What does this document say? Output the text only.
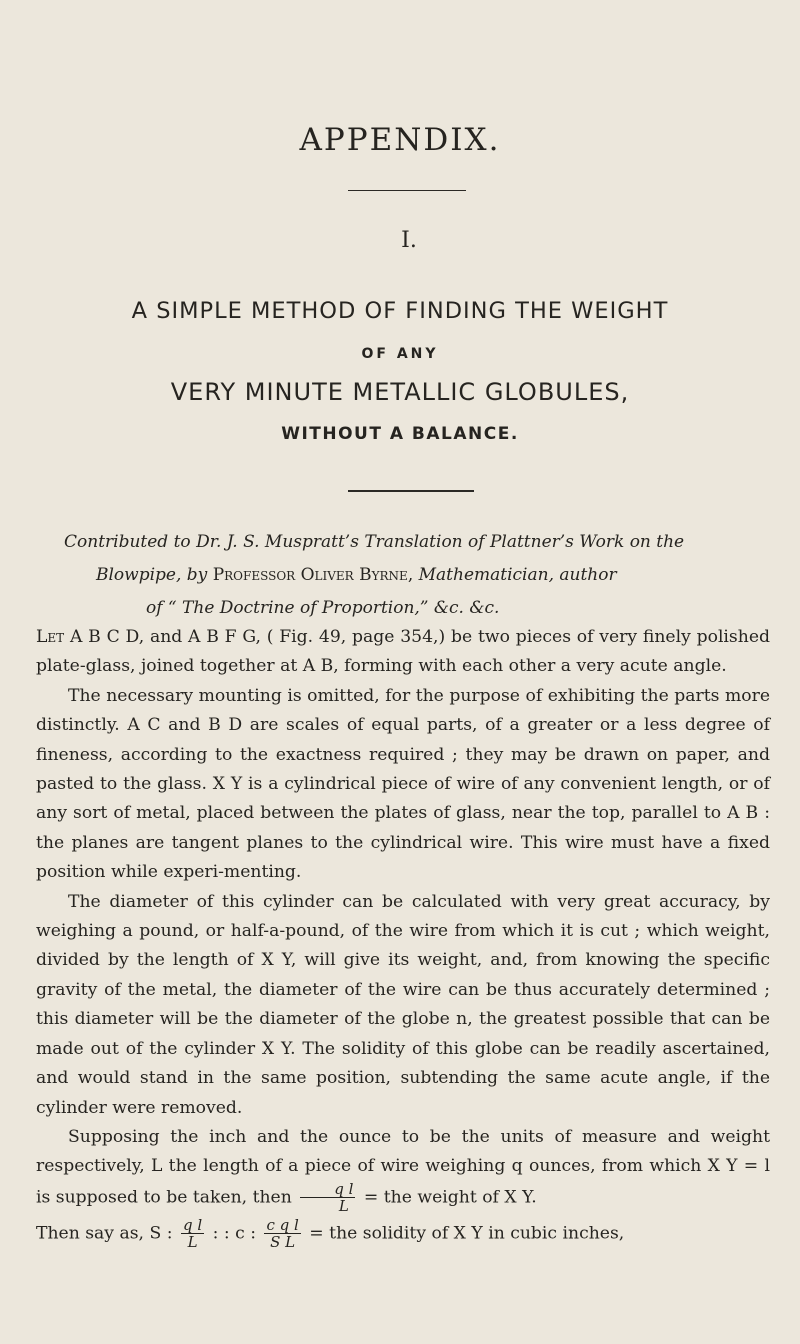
APPENDIX.
I.
A SIMPLE METHOD OF FINDING THE WEIGHT
OF ANY
VERY MINUTE METALLIC GLOBULES,
WITHOUT A BALANCE.
Contributed to Dr. J. S. Muspratt’s Translation of Plattner’s Work on the
Blowpipe, by Professor Oliver Byrne, Mathematician, author
of “ The Doctrine of Proportion,” &c. &c.

Let A B C D, and A B F G, ( Fig. 49, page 354,) be two pieces of very finely polished plate-glass, joined together at A B, forming with each other a very acute angle.

The necessary mounting is omitted, for the purpose of exhibiting the parts more distinctly. A C and B D are scales of equal parts, of a greater or a less degree of fineness, according to the exactness required ; they may be drawn on paper, and pasted to the glass. X Y is a cylindrical piece of wire of any convenient length, or of any sort of metal, placed between the plates of glass, near the top, parallel to A B : the planes are tangent planes to the cylindrical wire. This wire must have a fixed position while experi-menting.

The diameter of this cylinder can be calculated with very great accuracy, by weighing a pound, or half-a-pound, of the wire from which it is cut ; which weight, divided by the length of X Y, will give its weight, and, from knowing the specific gravity of the metal, the diameter of the wire can be thus accurately determined ; this diameter will be the diameter of the globe n, the greatest possible that can be made out of the cylinder X Y. The solidity of this globe can be readily ascertained, and would stand in the same position, subtending the same acute angle, if the cylinder were removed.

Supposing the inch and the ounce to be the units of measure and weight respectively, L the length of a piece of wire weighing q ounces, from which X Y = l is supposed to be taken, then $\frac{\text{q l}}{L}$ = the weight of X Y.

Then say as, S : $\frac{\text{q l}}{L}$ : : c : $\frac{\text{c q l}}{\text{S L}}$ = the solidity of X Y in cubic inches,
